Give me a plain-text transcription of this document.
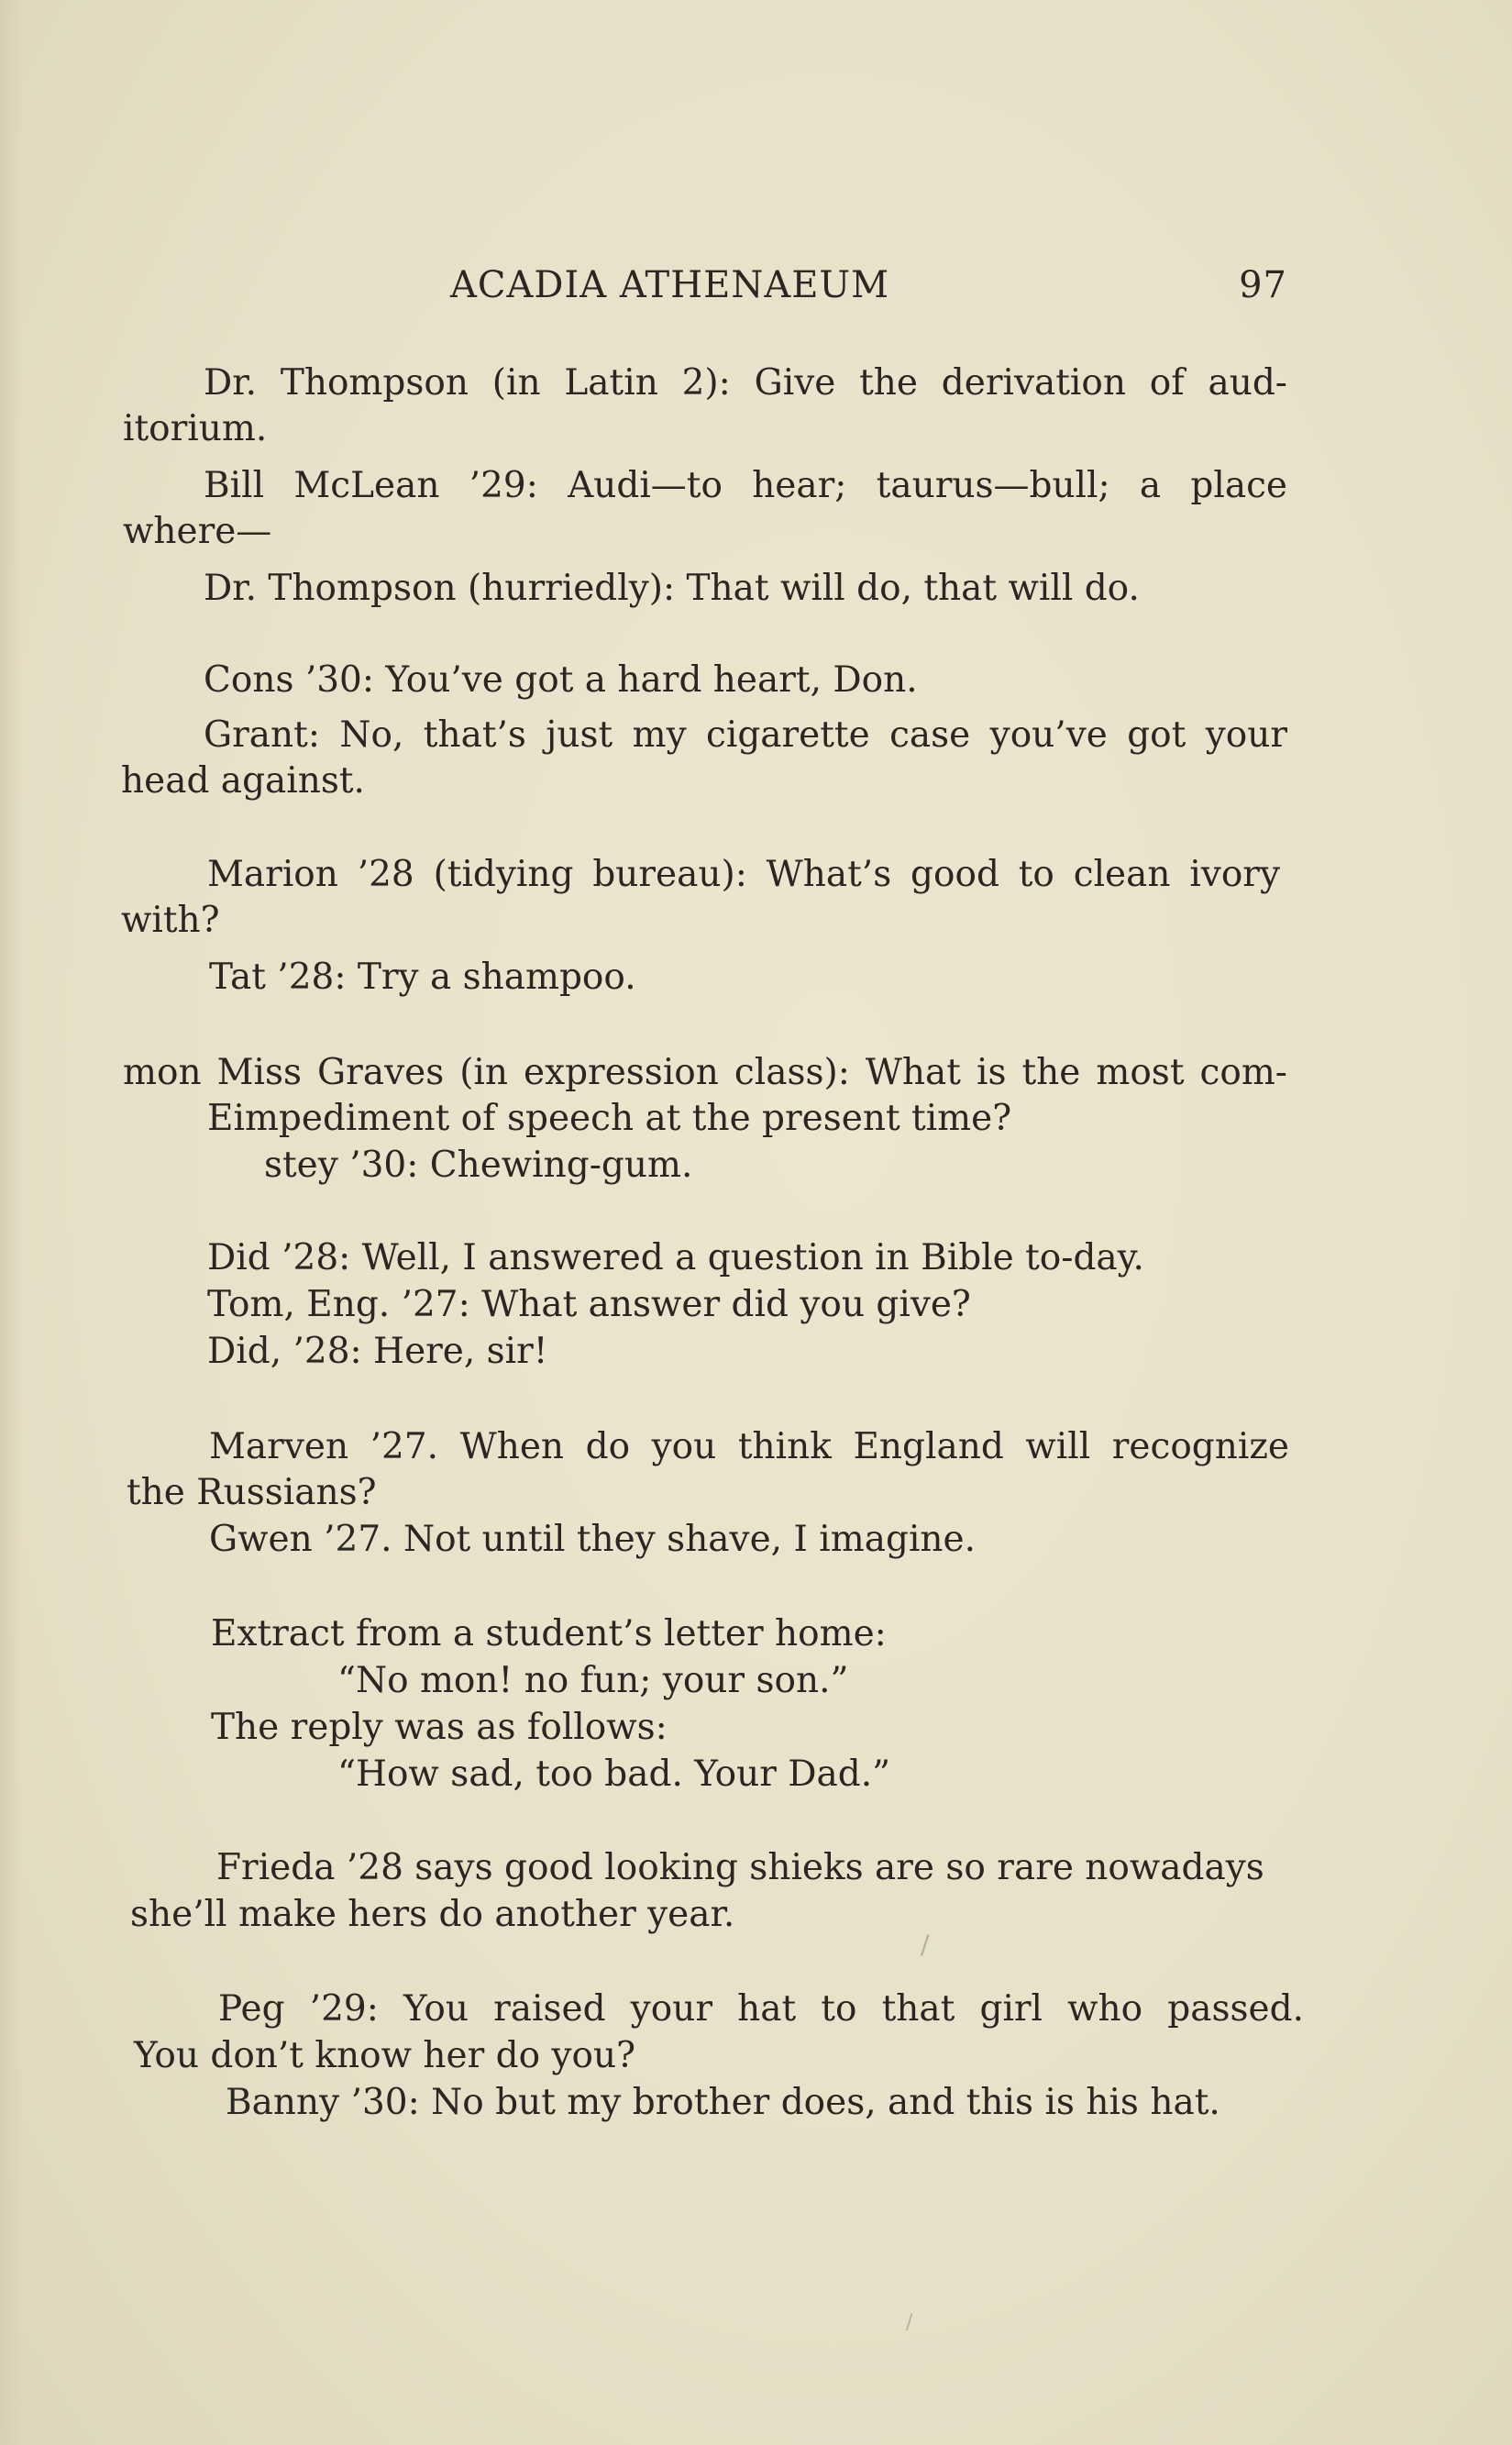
ACADIA ATHENAEUM	97
Dr. Thompson (in Latin 2): Give the derivation of aud-
itorium.
Bill McLean ’29: Audi—to hear; taurus—bull; a place
where—
Dr. Thompson (hurriedly): That will do, that will do.
Cons ’30: You’ve got a hard heart, Don.
Grant: No, that’s just my cigarette case you’ve got your
head against.
Marion ’28 (tidying bureau): What’s good to clean ivory
with?
Tat ’28: Try a shampoo.
mon Miss Graves (in expression class): What is the most com-
Eimpediment of speech at the present time?
stey ’30: Chewing-gum.
Did ’28: Well, I answered a question in Bible to-day.
Tom, Eng. ’27: What answer did you give?
Did, ’28: Here, sir!
Marven ’27. When do you think England will recognize
the Russians?
Gwen ’27. Not until they shave, I imagine.
Extract from a student’s letter home:
“No mon! no fun; your son.”
The reply was as follows:
“How sad, too bad. Your Dad.”
Frieda ’28 says good looking shieks are so rare nowadays
she’ll make hers do another year.
/
Peg ’29: You raised your hat to that girl who passed.
You don’t know her do you?
Banny ’30: No but my brother does, and this is his hat.
/
